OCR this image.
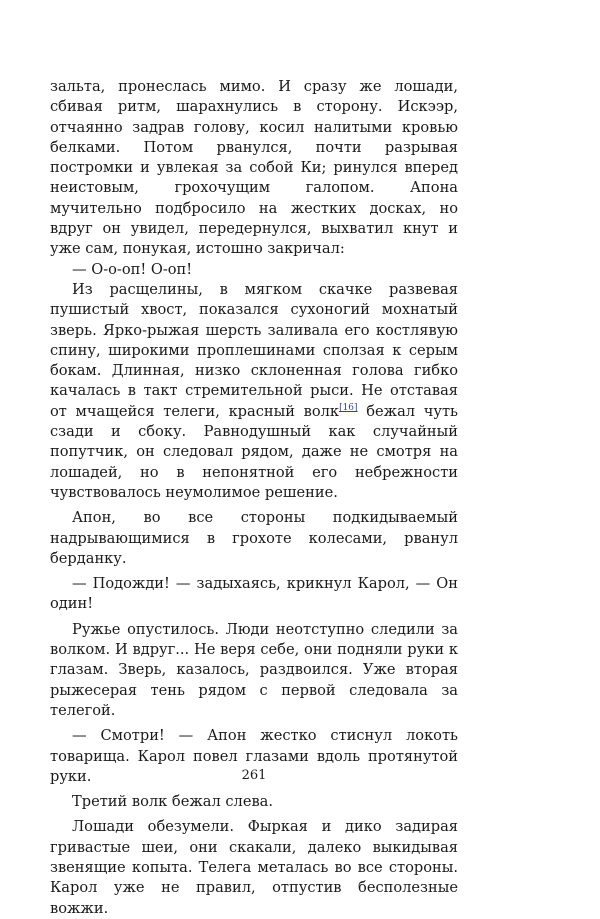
зальта, пронеслась мимо. И сразу же лошади, сбивая ритм, шарахнулись в сторону. Искээр, отчаянно задрав голову, косил налитыми кровью белками. Потом рванулся, почти разрывая постромки и увлекая за собой Ки; ринулся вперед неистовым, грохочущим галопом. Апона мучительно подбросило на жестких досках, но вдруг он увидел, передернулся, выхватил кнут и уже сам, понукая, истошно закричал:

— О-о-оп! О-оп!

Из расщелины, в мягком скачке развевая пушистый хвост, показался сухоногий мохнатый зверь. Ярко-рыжая шерсть заливала его костлявую спину, широкими проплешинами сползая к серым бокам. Длинная, низко склоненная голова гибко качалась в такт стремительной рыси. Не отставая от мчащейся телеги, красный волк[16] бежал чуть сзади и сбоку. Равнодушный как случайный попутчик, он следовал рядом, даже не смотря на лошадей, но в непонятной его небрежности чувствовалось неумолимое решение.

Апон, во все стороны подкидываемый надрывающимися в грохоте колесами, рванул берданку.

— Подожди! — задыхаясь, крикнул Карол, — Он один!

Ружье опустилось. Люди неотступно следили за волком. И вдруг... Не веря себе, они подняли руки к глазам. Зверь, казалось, раздвоился. Уже вторая рыжесерая тень рядом с первой следовала за телегой.

— Смотри! — Апон жестко стиснул локоть товарища. Карол повел глазами вдоль протянутой руки.

Третий волк бежал слева.

Лошади обезумели. Фыркая и дико задирая гривастые шеи, они скакали, далеко выкидывая звенящие копыта. Телега металась во все стороны. Карол уже не правил, отпустив бесполезные вожжи.

261
